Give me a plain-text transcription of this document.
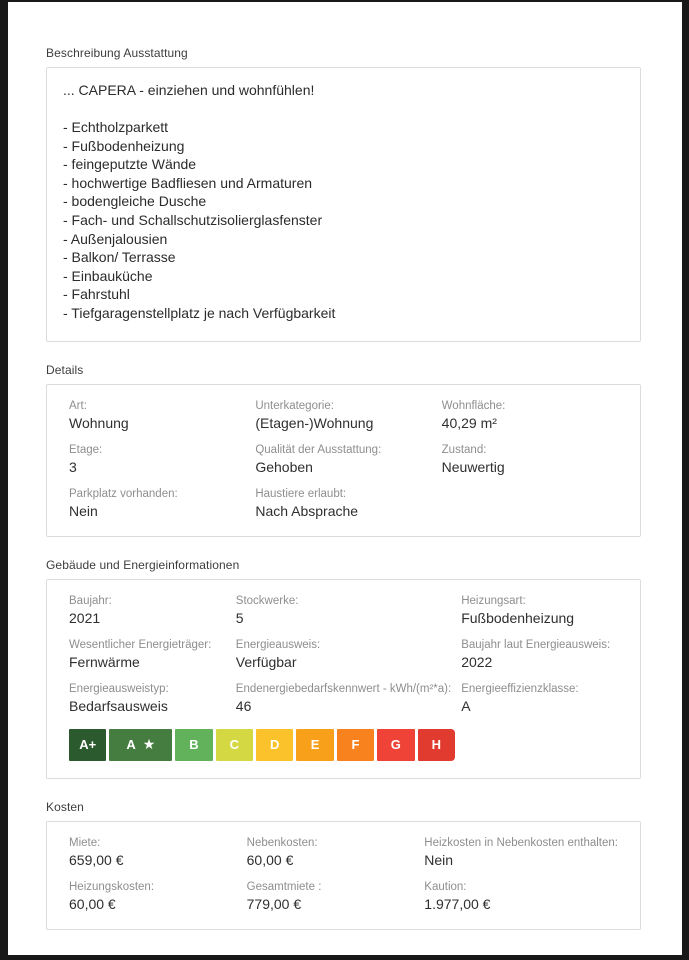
Beschreibung Ausstattung
... CAPERA - einziehen und wohnfühlen!
- Echtholzparkett
- Fußbodenheizung
- feingeputzte Wände
- hochwertige Badfliesen und Armaturen
- bodengleiche Dusche
- Fach- und Schallschutzisolierglasfenster
- Außenjalousien
- Balkon/ Terrasse
- Einbauküche
- Fahrstuhl
- Tiefgaragenstellplatz je nach Verfügbarkeit
Details
Art:
Wohnung
Unterkategorie:
(Etagen-)Wohnung
Wohnfläche:
40,29 m²
Etage:
3
Qualität der Ausstattung:
Gehoben
Zustand:
Neuwertig
Parkplatz vorhanden:
Nein
Haustiere erlaubt:
Nach Absprache
Gebäude und Energieinformationen
Baujahr:
2021
Stockwerke:
5
Heizungsart:
Fußbodenheizung
Wesentlicher Energieträger:
Fernwärme
Energieausweis:
Verfügbar
Baujahr laut Energieausweis:
2022
Energieausweistyp:
Bedarfsausweis
Endenergiebedarfskennwert - kWh/(m²*a):
46
Energieeffizienzklasse:
A
A+ A ★	B C D E F G H
Kosten
Miete:
659,00 €
Nebenkosten:
60,00 €
Heizkosten in Nebenkosten enthalten:
Nein
Heizungskosten:
60,00 €
Gesamtmiete :
779,00 €
Kaution:
1.977,00 €
